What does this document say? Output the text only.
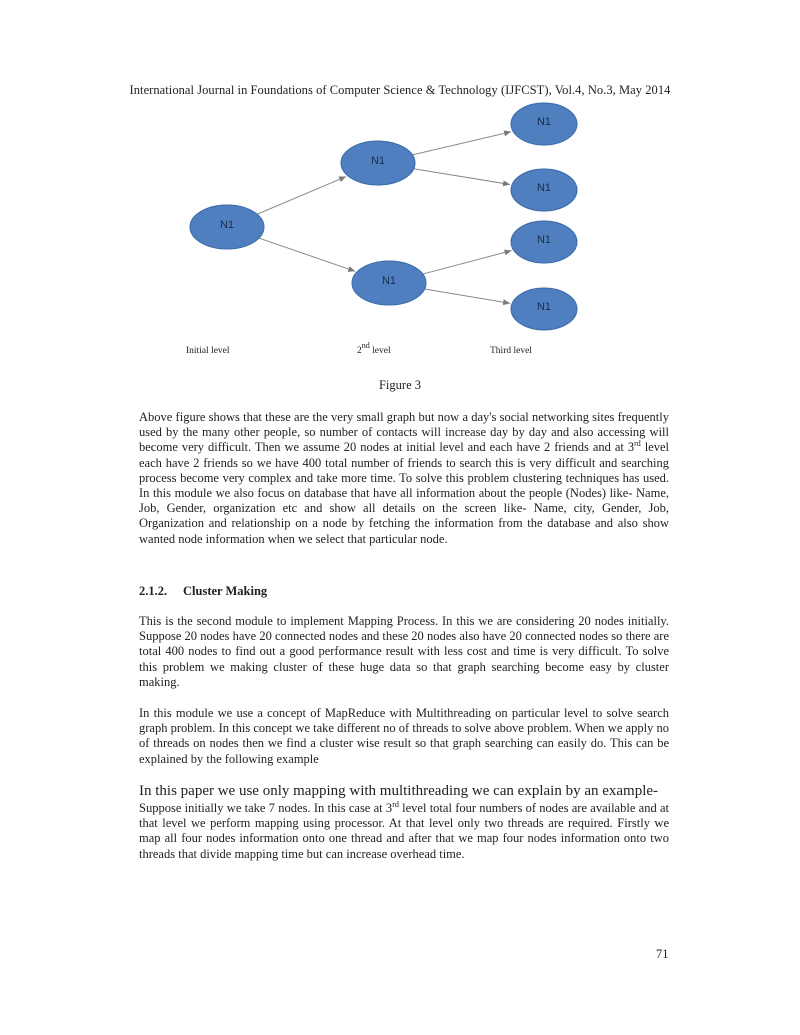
International Journal in Foundations of Computer Science & Technology (IJFCST), Vol.4, No.3, May 2014
N1
N1
N1
N1
N1
N1
N1
Initial level	2nd level	Third level
Figure 3

Above figure shows that these are the very small graph but now a day's social networking sites frequently used by the many other people, so number of contacts will increase day by day and also accessing will become very difficult. Then we assume 20 nodes at initial level and each have 2 friends and at 3rd level each have 2 friends so we have 400 total number of friends to search this is very difficult and searching process become very complex and take more time. To solve this problem clustering techniques has used. In this module we also focus on database that have all information about the people (Nodes) like- Name, Job, Gender, organization etc and show all details on the screen like- Name, city, Gender, Job, Organization and relationship on a node by fetching the information from the database and also show wanted node information when we select that particular node.

2.1.2. Cluster Making

This is the second module to implement Mapping Process. In this we are considering 20 nodes initially. Suppose 20 nodes have 20 connected nodes and these 20 nodes also have 20 connected nodes so there are total 400 nodes to find out a good performance result with less cost and time is very difficult. To solve this problem we making cluster of these huge data so that graph searching become easy by cluster making.

In this module we use a concept of MapReduce with Multithreading on particular level to solve search graph problem. In this concept we take different no of threads to solve above problem. When we apply no of threads on nodes then we find a cluster wise result so that graph searching can easily do. This can be explained by the following example

In this paper we use only mapping with multithreading we can explain by an example-

Suppose initially we take 7 nodes. In this case at 3rd level total four numbers of nodes are available and at that level we perform mapping using processor. At that level only two threads are required. Firstly we map all four nodes information onto one thread and after that we map four nodes information onto two threads that divide mapping time but can increase overhead time.

71
